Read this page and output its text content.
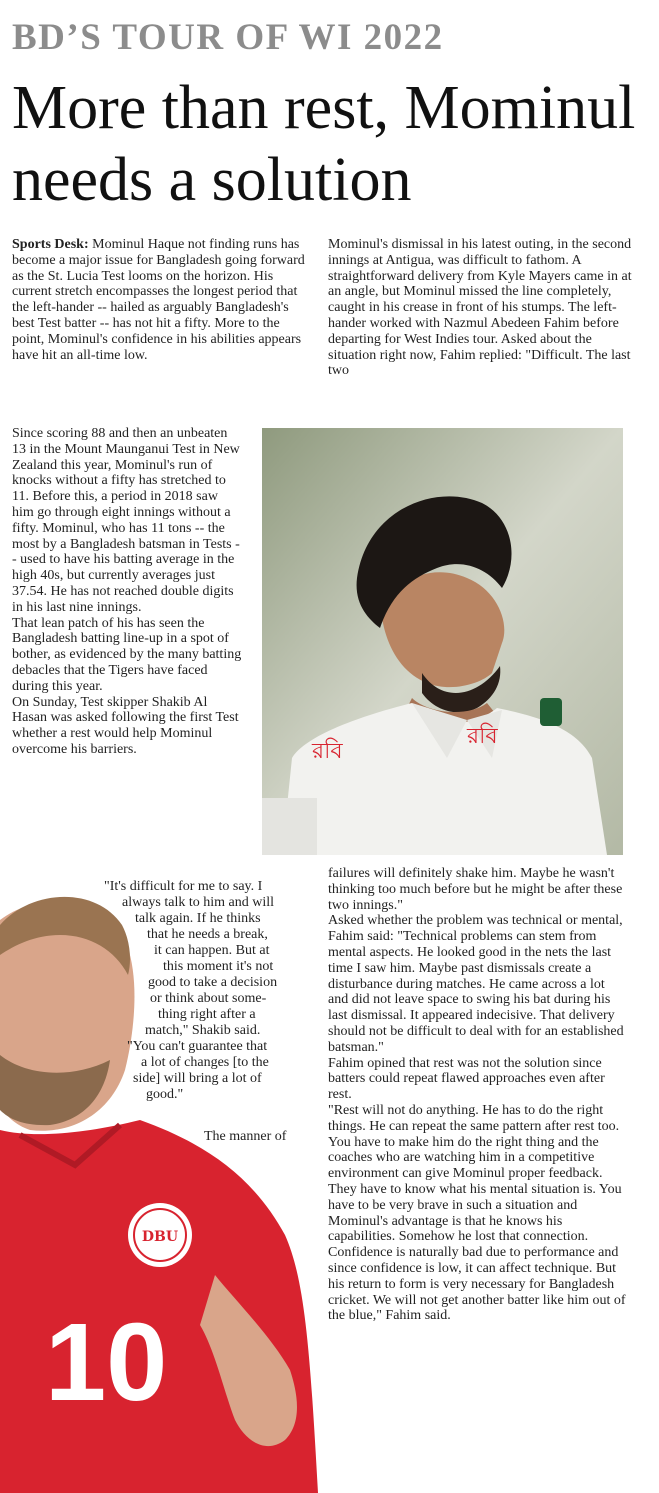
BD’S TOUR OF WI 2022
More than rest, Mominul
needs a solution

Sports Desk: Mominul Haque not finding runs has become a major issue for Bangladesh going forward as the St. Lucia Test looms on the horizon. His current stretch encompasses the longest period that the left-hander -- hailed as arguably Bangladesh's best Test batter -- has not hit a fifty. More to the point, Mominul's confidence in his abilities appears have hit an all-time low.

Since scoring 88 and then an unbeaten 13 in the Mount Maunganui Test in New Zealand this year, Mominul's run of knocks without a fifty has stretched to 11. Before this, a period in 2018 saw him go through eight innings without a fifty. Mominul, who has 11 tons -- the most by a Bangladesh batsman in Tests -- used to have his batting average in the high 40s, but currently averages just 37.54. He has not reached double digits in his last nine innings.

That lean patch of his has seen the Bangladesh batting line-up in a spot of bother, as evidenced by the many batting debacles that the Tigers have faced during this year.

On Sunday, Test skipper Shakib Al Hasan was asked following the first Test whether a rest would help Mominul overcome his barriers.

Mominul's dismissal in his latest outing, in the second innings at Antigua, was difficult to fathom. A straightforward delivery from Kyle Mayers came in at an angle, but Mominul missed the line completely, caught in his crease in front of his stumps. The left-hander worked with Nazmul Abedeen Fahim before departing for West Indies tour. Asked about the situation right now, Fahim replied: "Difficult. The last two

রবি
রবি

failures will definitely shake him. Maybe he wasn't thinking too much before but he might be after these two innings."

Asked whether the problem was technical or mental, Fahim said: "Technical problems can stem from mental aspects. He looked good in the nets the last time I saw him. Maybe past dismissals create a disturbance during matches. He came across a lot and did not leave space to swing his bat during his last dismissal. It appeared indecisive. That delivery should not be difficult to deal with for an established batsman."

Fahim opined that rest was not the solution since batters could repeat flawed approaches even after rest.

"Rest will not do anything. He has to do the right things. He can repeat the same pattern after rest too. You have to make him do the right thing and the coaches who are watching him in a competitive environment can give Mominul proper feedback. They have to know what his mental situation is. You have to be very brave in such a situation and Mominul's advantage is that he knows his capabilities. Somehow he lost that connection. Confidence is naturally bad due to performance and since confidence is low, it can affect technique. But his return to form is very necessary for Bangladesh cricket. We will not get another batter like him out of the blue," Fahim said.

DBU
10
"It's difficult for me to say. I
always talk to him and will
talk again. If he thinks
that he needs a break,
it can happen. But at
this moment it's not
good to take a decision
or think about some-
thing right after a
match," Shakib said.
"You can't guarantee that
a lot of changes [to the
side] will bring a lot of
good."
The manner of
